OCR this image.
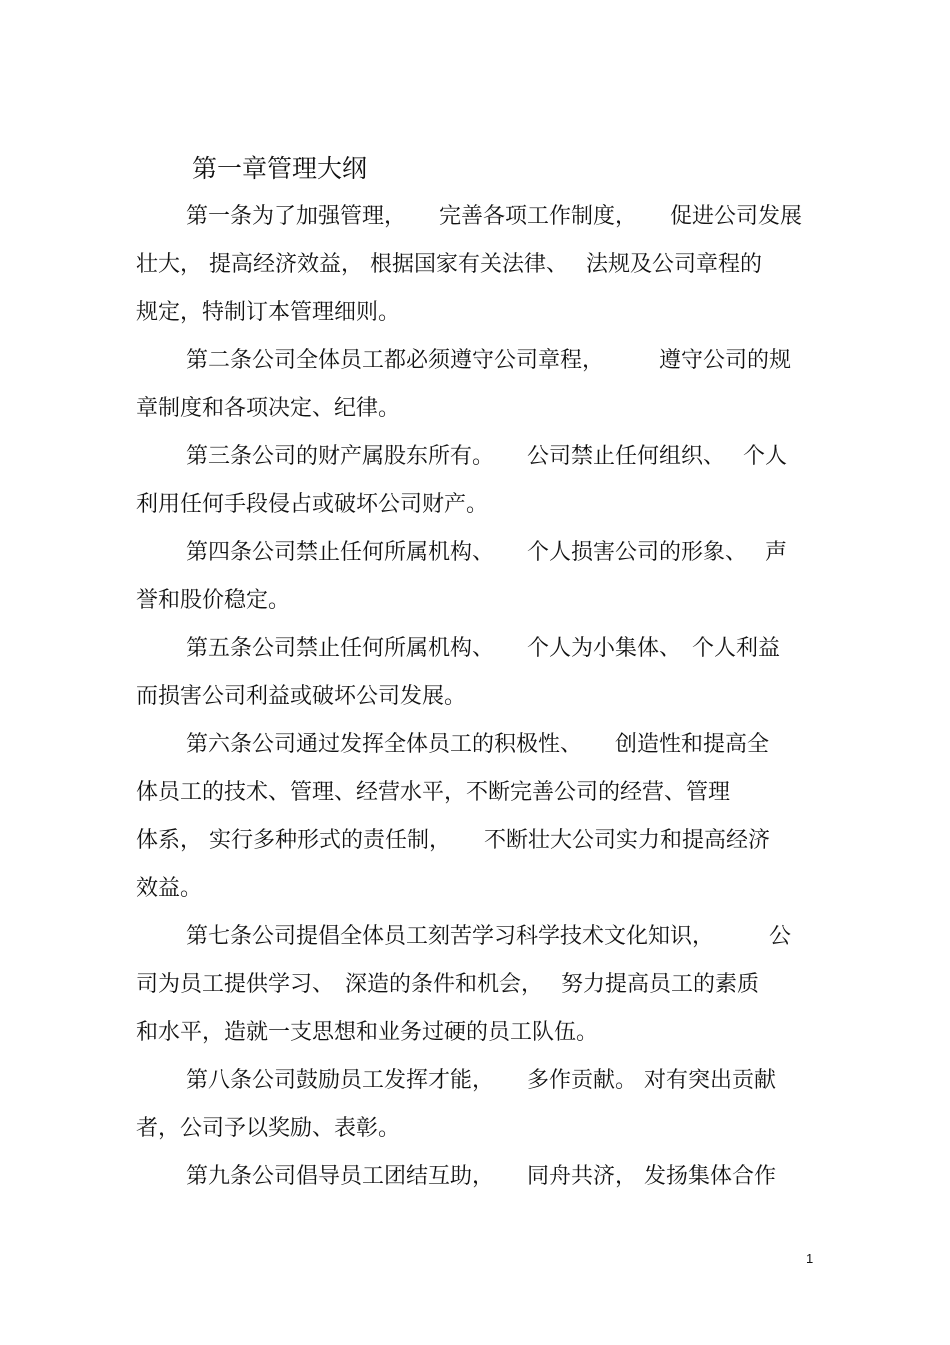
第一章管理大纲
第一条为了加强管理，　　完善各项工作制度，　　促进公司发展
壮大， 提高经济效益， 根据国家有关法律、　 法规及公司章程的
规定，特制订本管理细则。
第二条公司全体员工都必须遵守公司章程，　　　遵守公司的规
章制度和各项决定、纪律。
第三条公司的财产属股东所有。　　公司禁止任何组织、　 个人
利用任何手段侵占或破坏公司财产。
第四条公司禁止任何所属机构、　　个人损害公司的形象、　 声
誉和股价稳定。
第五条公司禁止任何所属机构、　　个人为小集体、　个人利益
而损害公司利益或破坏公司发展。
第六条公司通过发挥全体员工的积极性、　　创造性和提高全
体员工的技术、管理、经营水平，不断完善公司的经营、管理
体系， 实行多种形式的责任制，　　不断壮大公司实力和提高经济
效益。
第七条公司提倡全体员工刻苦学习科学技术文化知识，　　　公
司为员工提供学习、　深造的条件和机会，　 努力提高员工的素质
和水平，造就一支思想和业务过硬的员工队伍。
第八条公司鼓励员工发挥才能，　　多作贡献。 对有突出贡献
者，公司予以奖励、表彰。
第九条公司倡导员工团结互助，　　同舟共济， 发扬集体合作
1
